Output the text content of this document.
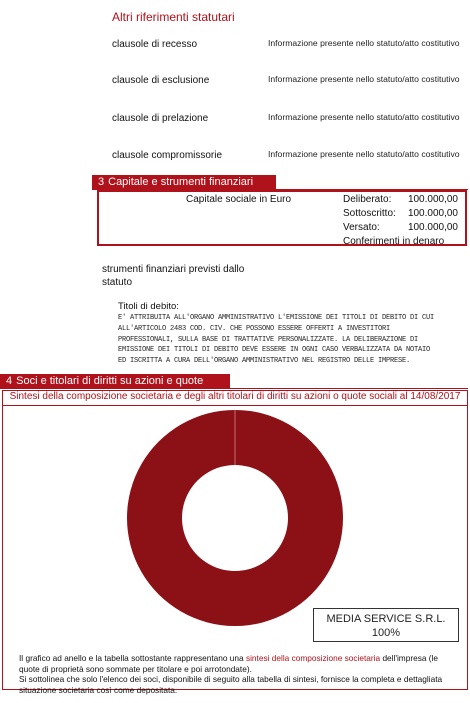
Altri riferimenti statutari
clausole di recesso	Informazione presente nello statuto/atto costitutivo
clausole di esclusione	Informazione presente nello statuto/atto costitutivo
clausole di prelazione	Informazione presente nello statuto/atto costitutivo
clausole compromissorie	Informazione presente nello statuto/atto costitutivo
3 Capitale e strumenti finanziari
Capitale sociale in Euro	Deliberato: 100.000,00
Sottoscritto: 100.000,00
Versato:	100.000,00
Conferimenti in denaro
strumenti finanziari previsti dallo statuto
Titoli di debito:
E' ATTRIBUITA ALL'ORGANO AMMINISTRATIVO L'EMISSIONE DEI TITOLI DI DEBITO DI CUI ALL'ARTICOLO 2483 COD. CIV. CHE POSSONO ESSERE OFFERTI A INVESTITORI PROFESSIONALI, SULLA BASE DI TRATTATIVE PERSONALIZZATE. LA DELIBERAZIONE DI EMISSIONE DEI TITOLI DI DEBITO DEVE ESSERE IN OGNI CASO VERBALIZZATA DA NOTAIO ED ISCRITTA A CURA DELL'ORGANO AMMINISTRATIVO NEL REGISTRO DELLE IMPRESE.
4 Soci e titolari di diritti su azioni e quote
Sintesi della composizione societaria e degli altri titolari di diritti su azioni o quote sociali al 14/08/2017
MEDIA SERVICE S.R.L.
100%
Il grafico ad anello e la tabella sottostante rappresentano una sintesi della composizione societaria dell'impresa (le quote di proprietà sono sommate per titolare e poi arrotondate).
Si sottolinea che solo l'elenco dei soci, disponibile di seguito alla tabella di sintesi, fornisce la completa e dettagliata situazione societaria così come depositata.
